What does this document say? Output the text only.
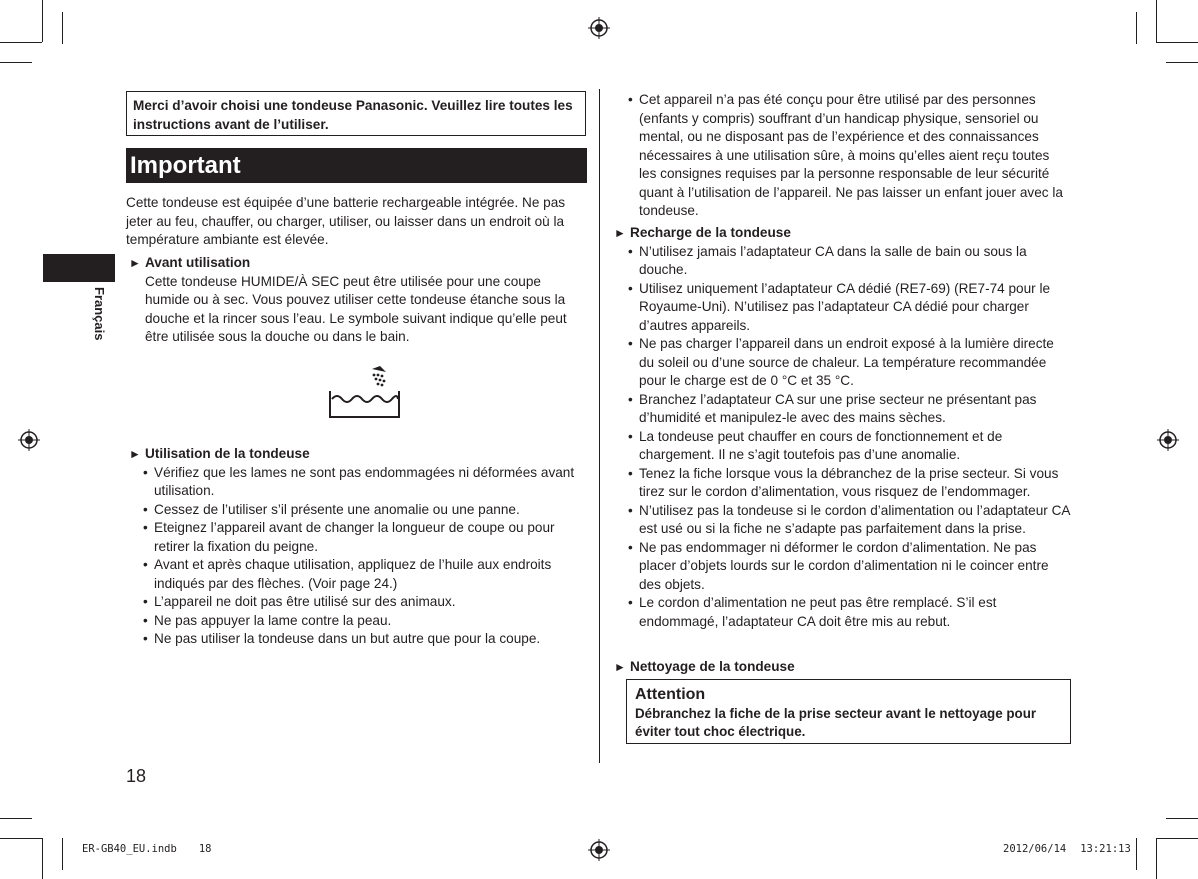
Français
Merci d’avoir choisi une tondeuse Panasonic. Veuillez lire toutes les instructions avant de l’utiliser.
Important
Cette tondeuse est équipée d’une batterie rechargeable intégrée. Ne pas jeter au feu, chauffer, ou charger, utiliser, ou laisser dans un endroit où la température ambiante est élevée.
► Avant utilisation
Cette tondeuse HUMIDE/À SEC peut être utilisée pour une coupe humide ou à sec. Vous pouvez utiliser cette tondeuse étanche sous la douche et la rincer sous l’eau. Le symbole suivant indique qu’elle peut être utilisée sous la douche ou dans le bain.
► Utilisation de la tondeuse
• Vérifiez que les lames ne sont pas endommagées ni déformées avant utilisation.
• Cessez de l’utiliser s’il présente une anomalie ou une panne.
• Eteignez l’appareil avant de changer la longueur de coupe ou pour retirer la fixation du peigne.
• Avant et après chaque utilisation, appliquez de l’huile aux endroits indiqués par des flèches. (Voir page 24.)
• L’appareil ne doit pas être utilisé sur des animaux.
• Ne pas appuyer la lame contre la peau.
• Ne pas utiliser la tondeuse dans un but autre que pour la coupe.
18
• Cet appareil n’a pas été conçu pour être utilisé par des personnes (enfants y compris) souffrant d’un handicap physique, sensoriel ou mental, ou ne disposant pas de l’expérience et des connaissances nécessaires à une utilisation sûre, à moins qu’elles aient reçu toutes les consignes requises par la personne responsable de leur sécurité quant à l’utilisation de l’appareil. Ne pas laisser un enfant jouer avec la tondeuse.
► Recharge de la tondeuse
• N’utilisez jamais l’adaptateur CA dans la salle de bain ou sous la douche.
• Utilisez uniquement l’adaptateur CA dédié (RE7-69) (RE7-74 pour le Royaume-Uni). N’utilisez pas l’adaptateur CA dédié pour charger d’autres appareils.
• Ne pas charger l’appareil dans un endroit exposé à la lumière directe du soleil ou d’une source de chaleur. La température recommandée pour le charge est de 0 °C et 35 °C.
• Branchez l’adaptateur CA sur une prise secteur ne présentant pas d’humidité et manipulez-le avec des mains sèches.
• La tondeuse peut chauffer en cours de fonctionnement et de chargement. Il ne s’agit toutefois pas d’une anomalie.
• Tenez la fiche lorsque vous la débranchez de la prise secteur. Si vous tirez sur le cordon d’alimentation, vous risquez de l’endommager.
• N’utilisez pas la tondeuse si le cordon d’alimentation ou l’adaptateur CA est usé ou si la fiche ne s’adapte pas parfaitement dans la prise.
• Ne pas endommager ni déformer le cordon d’alimentation. Ne pas placer d’objets lourds sur le cordon d’alimentation ni le coincer entre des objets.
• Le cordon d’alimentation ne peut pas être remplacé. S’il est endommagé, l’adaptateur CA doit être mis au rebut.
► Nettoyage de la tondeuse
Attention
Débranchez la fiche de la prise secteur avant le nettoyage pour éviter tout choc électrique.
ER-GB40_EU.indb 18	2012/06/14 13:21:13
